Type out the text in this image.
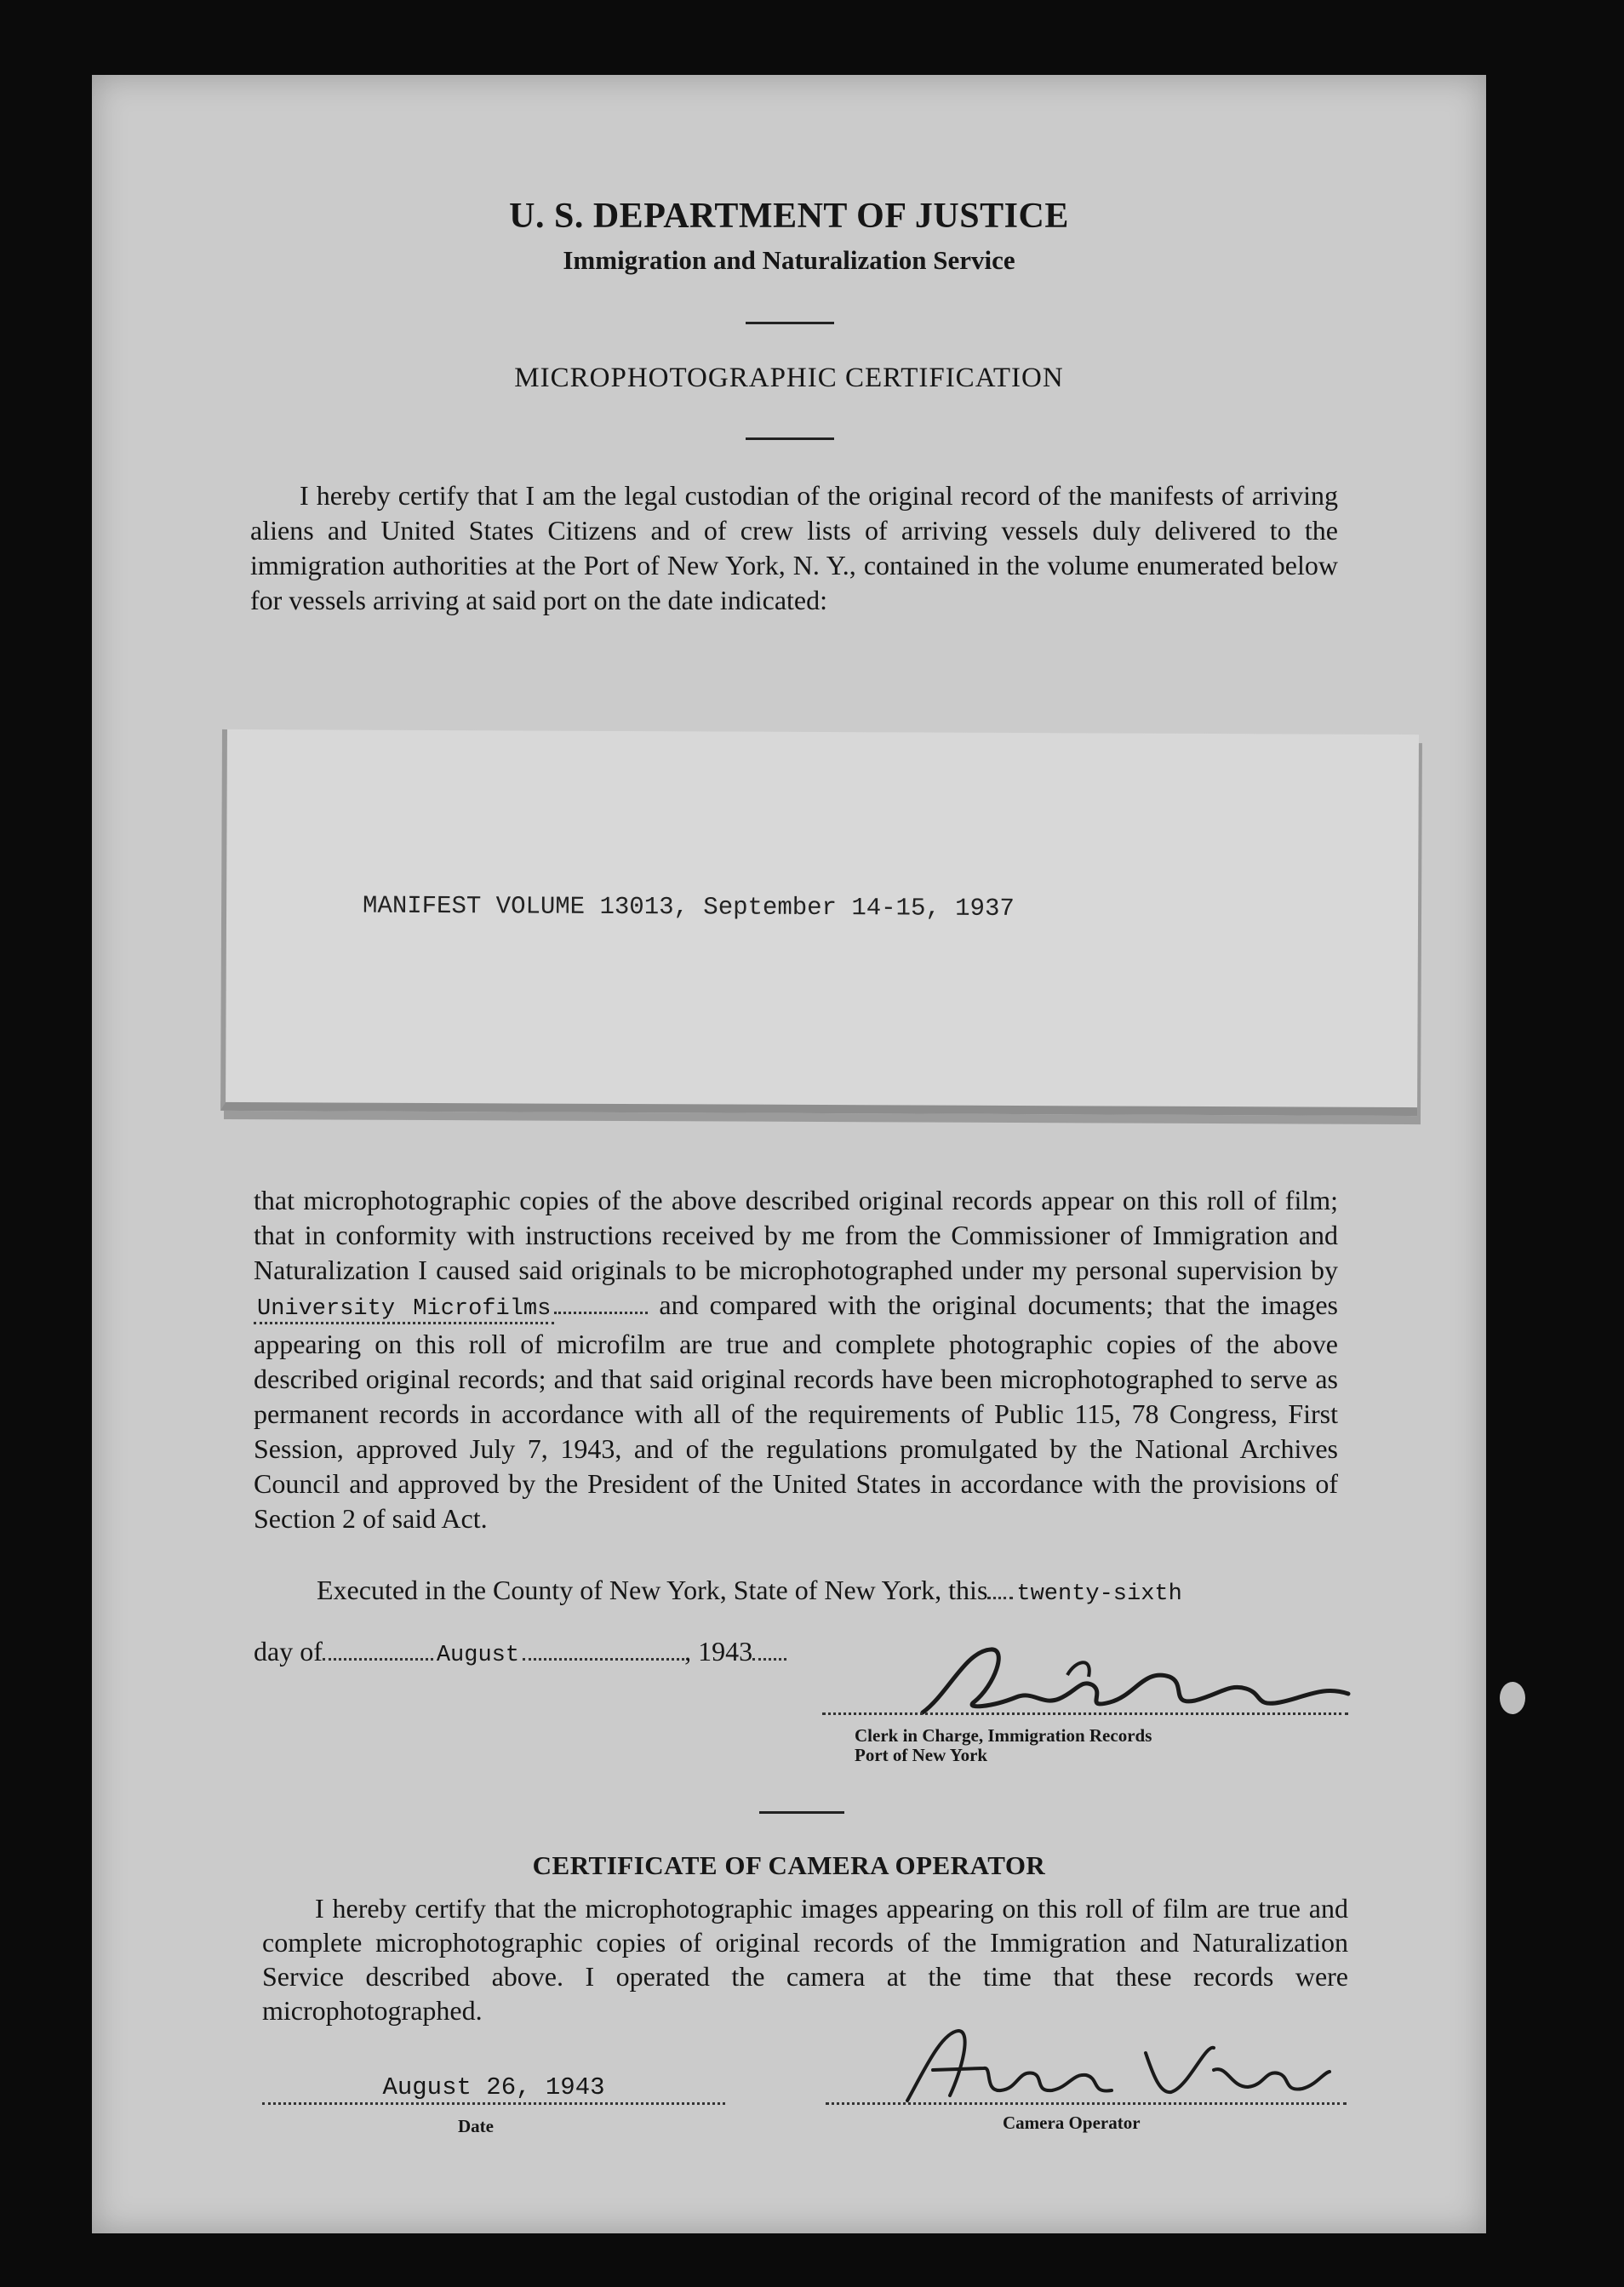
U. S. DEPARTMENT OF JUSTICE
Immigration and Naturalization Service
MICROPHOTOGRAPHIC CERTIFICATION
I hereby certify that I am the legal custodian of the original record of the manifests of arriving aliens and United States Citizens and of crew lists of arriving vessels duly delivered to the immigration authorities at the Port of New York, N. Y., contained in the volume enumerated below for vessels arriving at said port on the date indicated:
MANIFEST VOLUME 13013, September 14-15, 1937
that microphotographic copies of the above described original records appear on this roll of film; that in conformity with instructions received by me from the Commissioner of Immigration and Naturalization I caused said originals to be microphotographed under my personal supervision by University Microfilms	and compared with the original documents; that the images appearing on this roll of microfilm are true and complete photographic copies of the above described original records; and that said original records have been microphotographed to serve as permanent records in accordance with all of the requirements of Public 115, 78 Congress, First Session, approved July 7, 1943, and of the regulations promulgated by the National Archives Council and approved by the President of the United States in accordance with the provisions of Section 2 of said Act.
Executed in the County of New York, State of New York, this twenty-sixth
day of	August	, 1943
Clerk in Charge, Immigration Records
Port of New York
CERTIFICATE OF CAMERA OPERATOR
I hereby certify that the microphotographic images appearing on this roll of film are true and complete microphotographic copies of original records of the Immigration and Naturalization Service described above. I operated the camera at the time that these records were microphotographed.
August 26, 1943
Date	Camera Operator
